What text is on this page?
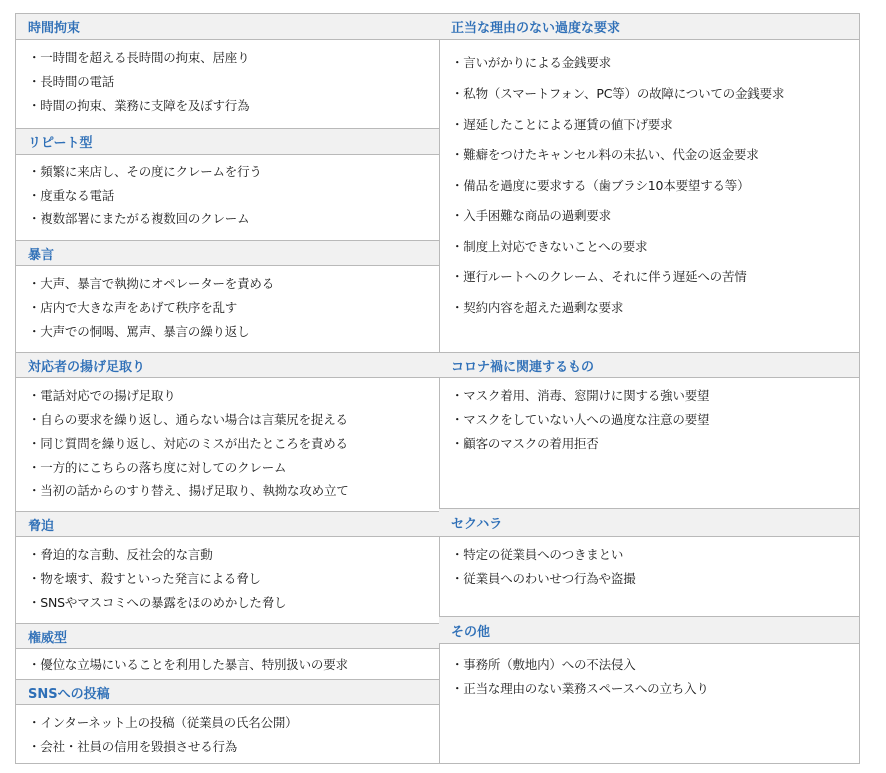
時間拘束
・一時間を超える長時間の拘束、居座り
・長時間の電話
・時間の拘束、業務に支障を及ぼす行為
リピート型
・頻繁に来店し、その度にクレームを行う
・度重なる電話
・複数部署にまたがる複数回のクレーム
暴言
・大声、暴言で執拗にオペレーターを責める
・店内で大きな声をあげて秩序を乱す
・大声での恫喝、罵声、暴言の繰り返し
対応者の揚げ足取り
・電話対応での揚げ足取り
・自らの要求を繰り返し、通らない場合は言葉尻を捉える
・同じ質問を繰り返し、対応のミスが出たところを責める
・一方的にこちらの落ち度に対してのクレーム
・当初の話からのすり替え、揚げ足取り、執拗な攻め立て
脅迫
・脅迫的な言動、反社会的な言動
・物を壊す、殺すといった発言による脅し
・SNSやマスコミへの暴露をほのめかした脅し
権威型
・優位な立場にいることを利用した暴言、特別扱いの要求
SNSへの投稿
・インターネット上の投稿（従業員の氏名公開）
・会社・社員の信用を毀損させる行為
正当な理由のない過度な要求
・言いがかりによる金銭要求
・私物（スマートフォン、PC等）の故障についての金銭要求
・遅延したことによる運賃の値下げ要求
・難癖をつけたキャンセル料の未払い、代金の返金要求
・備品を過度に要求する（歯ブラシ10本要望する等）
・入手困難な商品の過剰要求
・制度上対応できないことへの要求
・運行ルートへのクレーム、それに伴う遅延への苦情
・契約内容を超えた過剰な要求
コロナ禍に関連するもの
・マスク着用、消毒、窓開けに関する強い要望
・マスクをしていない人への過度な注意の要望
・顧客のマスクの着用拒否
セクハラ
・特定の従業員へのつきまとい
・従業員へのわいせつ行為や盗撮
その他
・事務所（敷地内）への不法侵入
・正当な理由のない業務スペースへの立ち入り
